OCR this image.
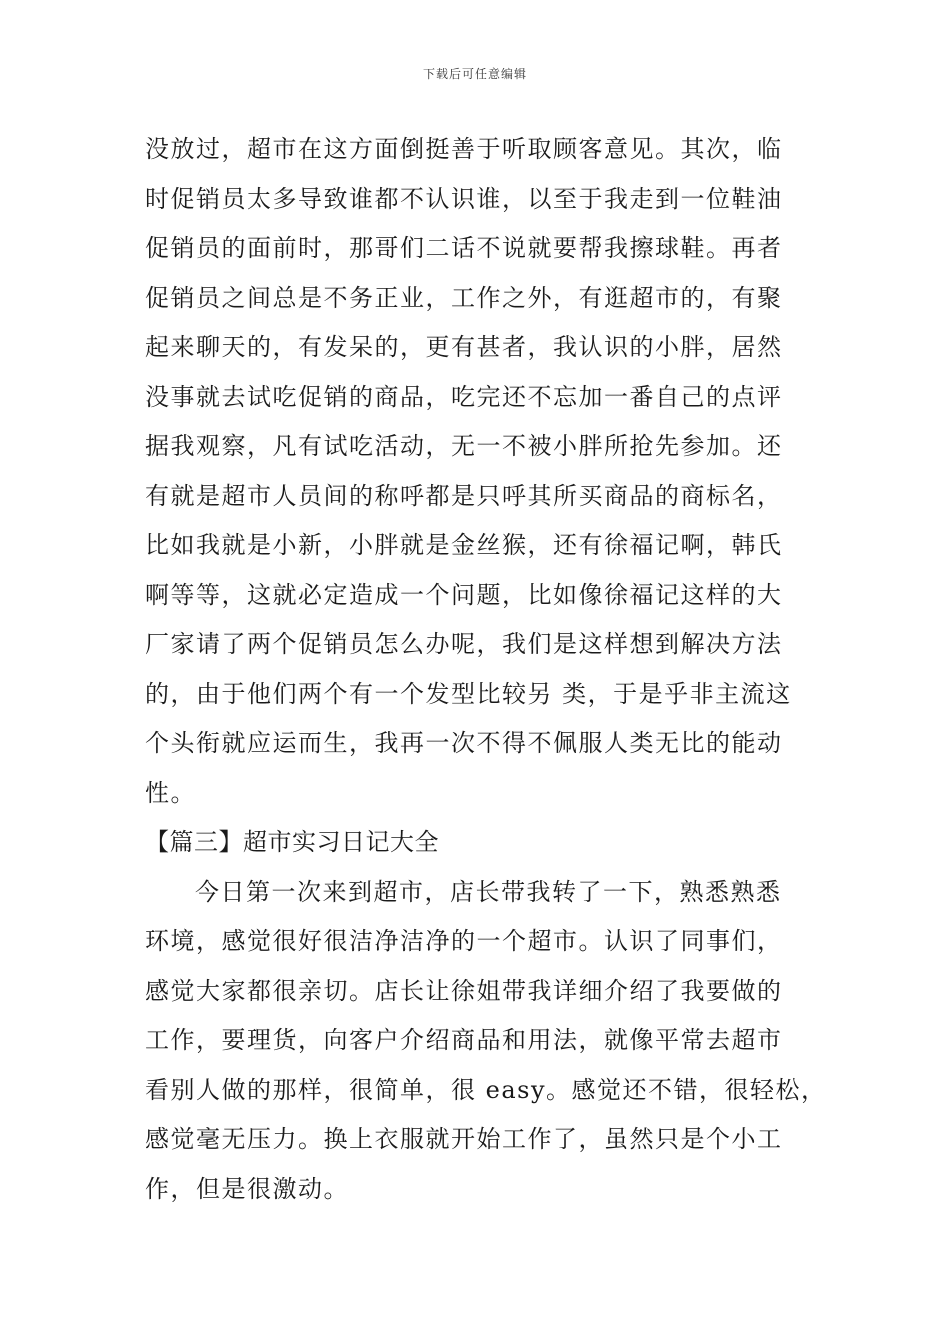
下载后可任意编辑
没放过，超市在这方面倒挺善于听取顾客意见。其次，临
时促销员太多导致谁都不认识谁，以至于我走到一位鞋油
促销员的面前时，那哥们二话不说就要帮我擦球鞋。再者
促销员之间总是不务正业，工作之外，有逛超市的，有聚
起来聊天的，有发呆的，更有甚者，我认识的小胖，居然
没事就去试吃促销的商品，吃完还不忘加一番自己的点评
据我观察，凡有试吃活动，无一不被小胖所抢先参加。还
有就是超市人员间的称呼都是只呼其所买商品的商标名，
比如我就是小新，小胖就是金丝猴，还有徐福记啊，韩氏
啊等等，这就必定造成一个问题，比如像徐福记这样的大
厂家请了两个促销员怎么办呢，我们是这样想到解决方法
的，由于他们两个有一个发型比较另 类，于是乎非主流这
个头衔就应运而生，我再一次不得不佩服人类无比的能动
性。
【篇三】超市实习日记大全
今日第一次来到超市，店长带我转了一下，熟悉熟悉
环境，感觉很好很洁净洁净的一个超市。认识了同事们，
感觉大家都很亲切。店长让徐姐带我详细介绍了我要做的
工作，要理货，向客户介绍商品和用法，就像平常去超市
看别人做的那样，很简单，很 easy。感觉还不错，很轻松，
感觉毫无压力。换上衣服就开始工作了，虽然只是个小工
作，但是很激动。
